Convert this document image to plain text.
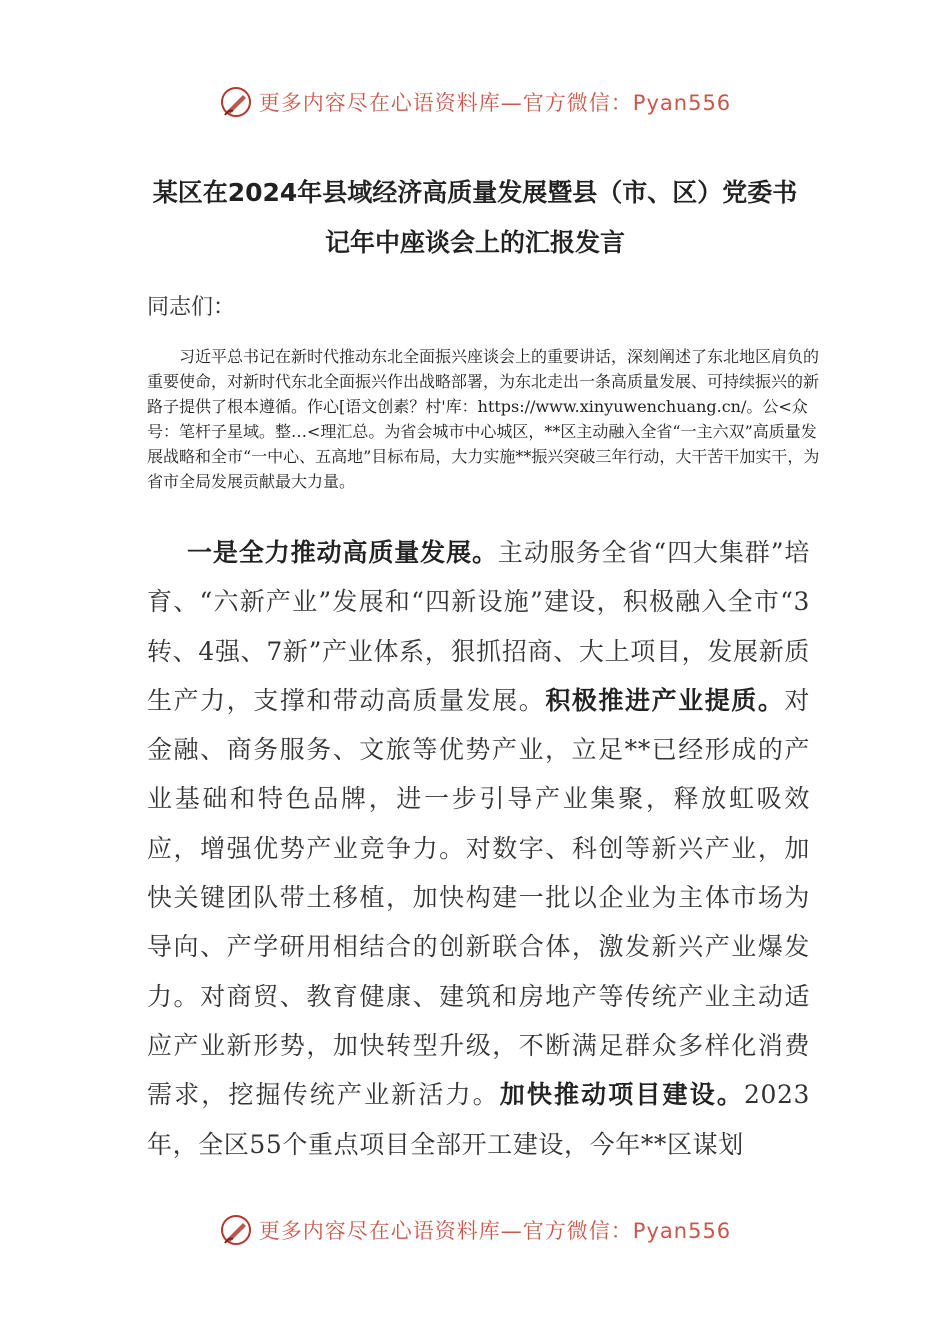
更多内容尽在心语资料库—官方微信：Pyan556
某区在2024年县域经济高质量发展暨县（市、区）党委书
记年中座谈会上的汇报发言
同志们：

习近平总书记在新时代推动东北全面振兴座谈会上的重要讲话，深刻阐述了东北地区肩负的重要使命，对新时代东北全面振兴作出战略部署，为东北走出一条高质量发展、可持续振兴的新路子提供了根本遵循。作心[语文创素？村'库：https://www.xinyuwenchuang.cn/。公<众号：笔杆子星域。整…<理汇总。为省会城市中心城区，**区主动融入全省“一主六双”高质量发展战略和全市“一中心、五高地”目标布局，大力实施**振兴突破三年行动，大干苦干加实干，为省市全局发展贡献最大力量。

一是全力推动高质量发展。主动服务全省“四大集群”培育、“六新产业”发展和“四新设施”建设，积极融入全市“3转、4强、7新”产业体系，狠抓招商、大上项目，发展新质生产力，支撑和带动高质量发展。积极推进产业提质。对金融、商务服务、文旅等优势产业，立足**已经形成的产业基础和特色品牌，进一步引导产业集聚，释放虹吸效应，增强优势产业竞争力。对数字、科创等新兴产业，加快关键团队带土移植，加快构建一批以企业为主体市场为导向、产学研用相结合的创新联合体，激发新兴产业爆发力。对商贸、教育健康、建筑和房地产等传统产业主动适应产业新形势，加快转型升级，不断满足群众多样化消费需求，挖掘传统产业新活力。加快推动项目建设。2023年，全区55个重点项目全部开工建设，今年**区谋划

更多内容尽在心语资料库—官方微信：Pyan556
